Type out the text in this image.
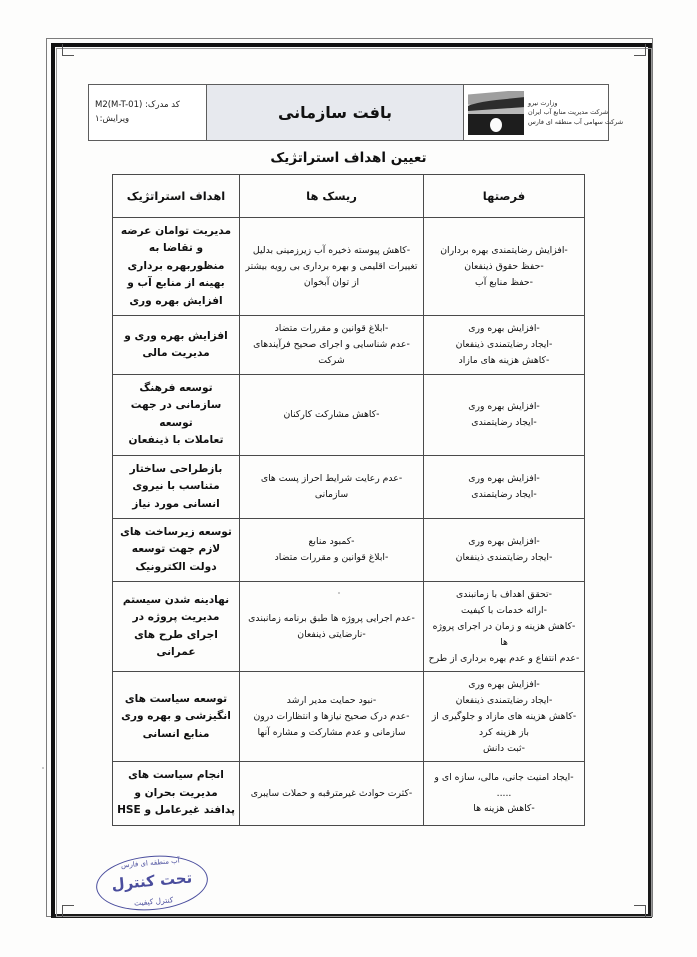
کد مدرک: (M2(M-T-01
ویرایش:۱	بافت سازمانی
وزارت نیرو
شرکت مدیریت منابع آب ایران
شرکت سهامی آب منطقه ای فارس
تعیین اهداف استراتژیک
فرصتها	ریسک ها	اهداف استراتژیک

-افزایش رضایتمندی بهره برداران
-حفظ حقوق ذینفعان
-حفظ منابع آب	-کاهش پیوسته ذخیره آب زیرزمینی بدلیل
تغییرات اقلیمی و بهره برداری بی رویه بیشتر
از توان آبخوان	مدیریت توامان عرضه و تقاضا به
منظوربهره برداری بهینه از منابع آب و
افزایش بهره وری

-افزایش بهره وری
-ایجاد رضایتمندی ذینفعان
-کاهش هزینه های مازاد	-ابلاغ قوانین و مقررات متضاد
-عدم شناسایی و اجرای صحیح فرآیندهای
شرکت	افزایش بهره وری و مدیریت مالی

-افزایش بهره وری
-ایجاد رضایتمندی	-کاهش مشارکت کارکنان	توسعه فرهنگ سازمانی در جهت توسعه
تعاملات با ذینفعان

-افزایش بهره وری
-ایجاد رضایتمندی	-عدم رعایت شرایط احراز پست های سازمانی	بازطراحی ساختار متناسب با نیروی
انسانی مورد نیاز

-افزایش بهره وری
-ایجاد رضایتمندی ذینفعان	-کمبود منابع
-ابلاغ قوانین و مقررات متضاد	توسعه زیرساخت های لازم جهت توسعه
دولت الکترونیک

-تحقق اهداف با زمانبندی
-ارائه خدمات با کیفیت
-کاهش هزینه و زمان در اجرای پروژه ها
-عدم انتفاع و عدم بهره برداری از طرح	-عدم اجرایی پروژه ها طبق برنامه زمانبندی
-نارضایتی ذینفعان	نهادینه شدن سیستم مدیریت پروژه در
اجرای طرح های عمرانی

-افزایش بهره وری
-ایجاد رضایتمندی ذینفعان
-کاهش هزینه های مازاد و جلوگیری از
باز هزینه کرد
-ثبت دانش	-نبود حمایت مدیر ارشد
-عدم درک صحیح نیازها و انتظارات درون
سازمانی و عدم مشارکت و مشاره آنها	توسعه سیاست های انگیزشی و بهره وری
منابع انسانی

-ایجاد امنیت جانی، مالی، سازه ای و .....
-کاهش هزینه ها	-کثرت حوادث غیرمترقبه و حملات سایبری	انجام سیاست های مدیریت بحران و
پدافند غیرعامل و HSE
آب منطقه ای فارس
تحت کنترل
کنترل کیفیت
